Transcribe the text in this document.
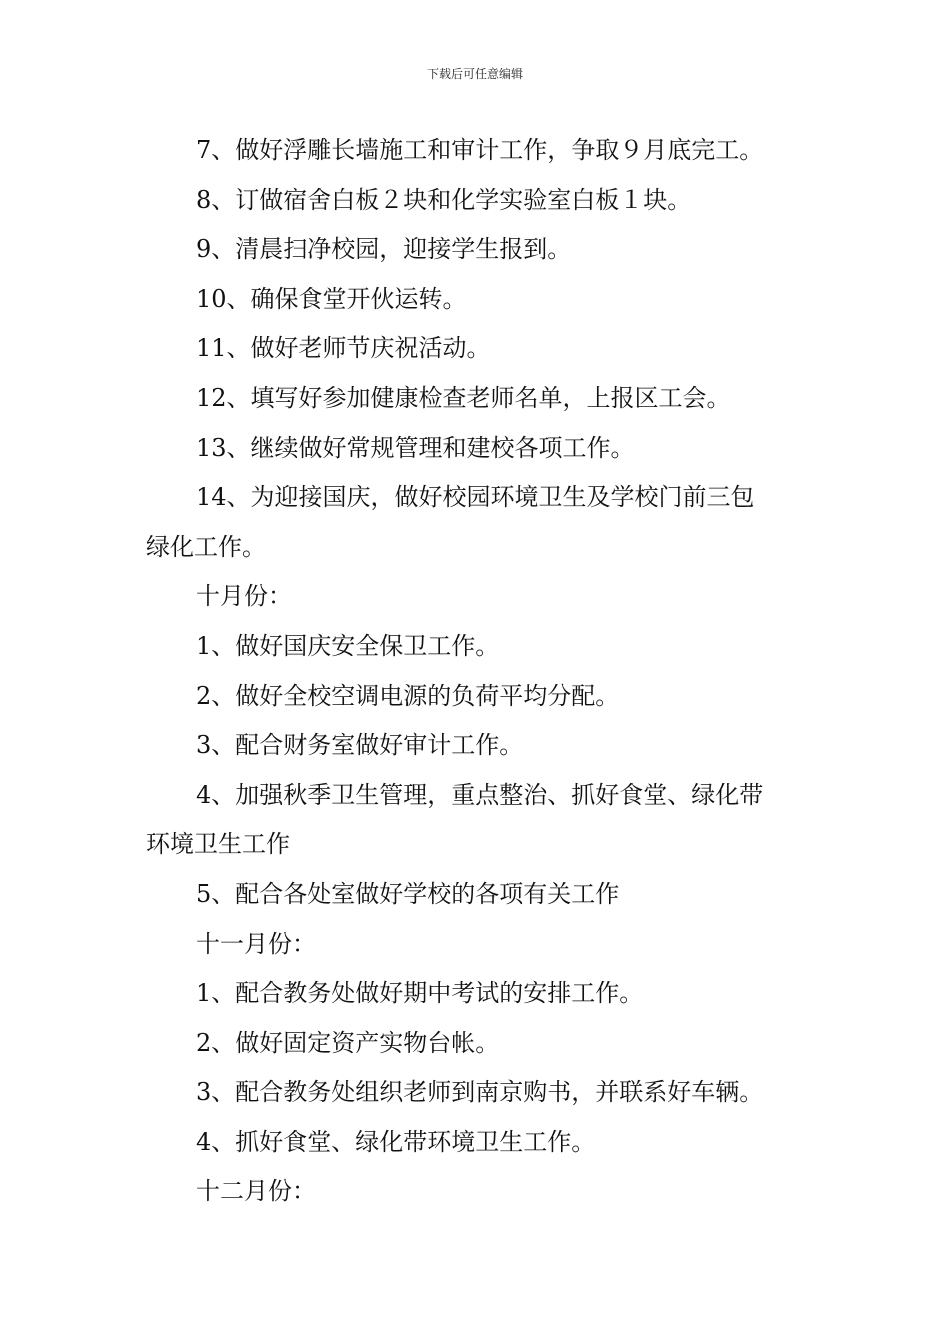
下载后可任意编辑
7、做好浮雕长墙施工和审计工作，争取９月底完工。
8、订做宿舍白板２块和化学实验室白板１块。
9、清晨扫净校园，迎接学生报到。
10、确保食堂开伙运转。
11、做好老师节庆祝活动。
12、填写好参加健康检查老师名单，上报区工会。
13、继续做好常规管理和建校各项工作。
14、为迎接国庆，做好校园环境卫生及学校门前三包
绿化工作。
十月份：
1、做好国庆安全保卫工作。
2、做好全校空调电源的负荷平均分配。
3、配合财务室做好审计工作。
4、加强秋季卫生管理，重点整治、抓好食堂、绿化带
环境卫生工作
5、配合各处室做好学校的各项有关工作
十一月份：
1、配合教务处做好期中考试的安排工作。
2、做好固定资产实物台帐。
3、配合教务处组织老师到南京购书，并联系好车辆。
4、抓好食堂、绿化带环境卫生工作。
十二月份：
